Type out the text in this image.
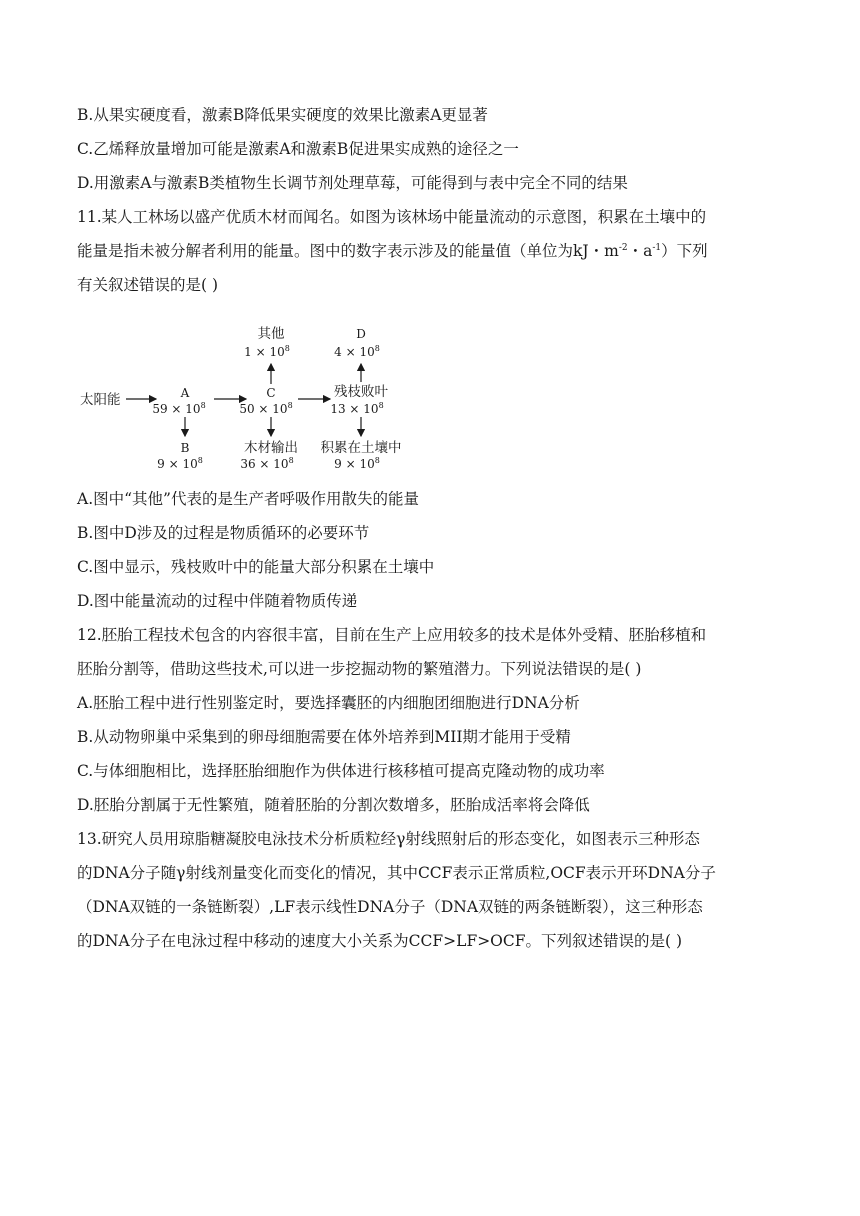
B.从果实硬度看，激素B降低果实硬度的效果比激素A更显著
C.乙烯释放量增加可能是激素A和激素B促进果实成熟的途径之一
D.用激素A与激素B类植物生长调节剂处理草莓，可能得到与表中完全不同的结果
11.某人工林场以盛产优质木材而闻名。如图为该林场中能量流动的示意图，积累在土壤中的
能量是指未被分解者利用的能量。图中的数字表示涉及的能量值（单位为kJ・$m^{-2}$・$a^{-1}$）下列
有关叙述错误的是( )
太阳能	A
$59 \times 10^8$
B
$9 \times 10^8$
C
$50 \times 10^8$
其他
$1 \times 10^8$
木材输出
$36 \times 10^8$
残枝败叶
$13 \times 10^8$
D
$4 \times 10^8$
积累在土壤中
$9 \times 10^8$
A.图中“其他”代表的是生产者呼吸作用散失的能量
B.图中D涉及的过程是物质循环的必要环节
C.图中显示，残枝败叶中的能量大部分积累在土壤中
D.图中能量流动的过程中伴随着物质传递
12.胚胎工程技术包含的内容很丰富，目前在生产上应用较多的技术是体外受精、胚胎移植和
胚胎分割等，借助这些技术,可以进一步挖掘动物的繁殖潜力。下列说法错误的是( )
A.胚胎工程中进行性别鉴定时，要选择囊胚的内细胞团细胞进行DNA分析
B.从动物卵巢中采集到的卵母细胞需要在体外培养到MII期才能用于受精
C.与体细胞相比，选择胚胎细胞作为供体进行核移植可提高克隆动物的成功率
D.胚胎分割属于无性繁殖，随着胚胎的分割次数增多，胚胎成活率将会降低
13.研究人员用琼脂糖凝胶电泳技术分析质粒经γ射线照射后的形态变化，如图表示三种形态
的DNA分子随γ射线剂量变化而变化的情况，其中CCF表示正常质粒,OCF表示开环DNA分子
（DNA双链的一条链断裂）,LF表示线性DNA分子（DNA双链的两条链断裂），这三种形态
的DNA分子在电泳过程中移动的速度大小关系为CCF>LF>OCF。下列叙述错误的是( )
